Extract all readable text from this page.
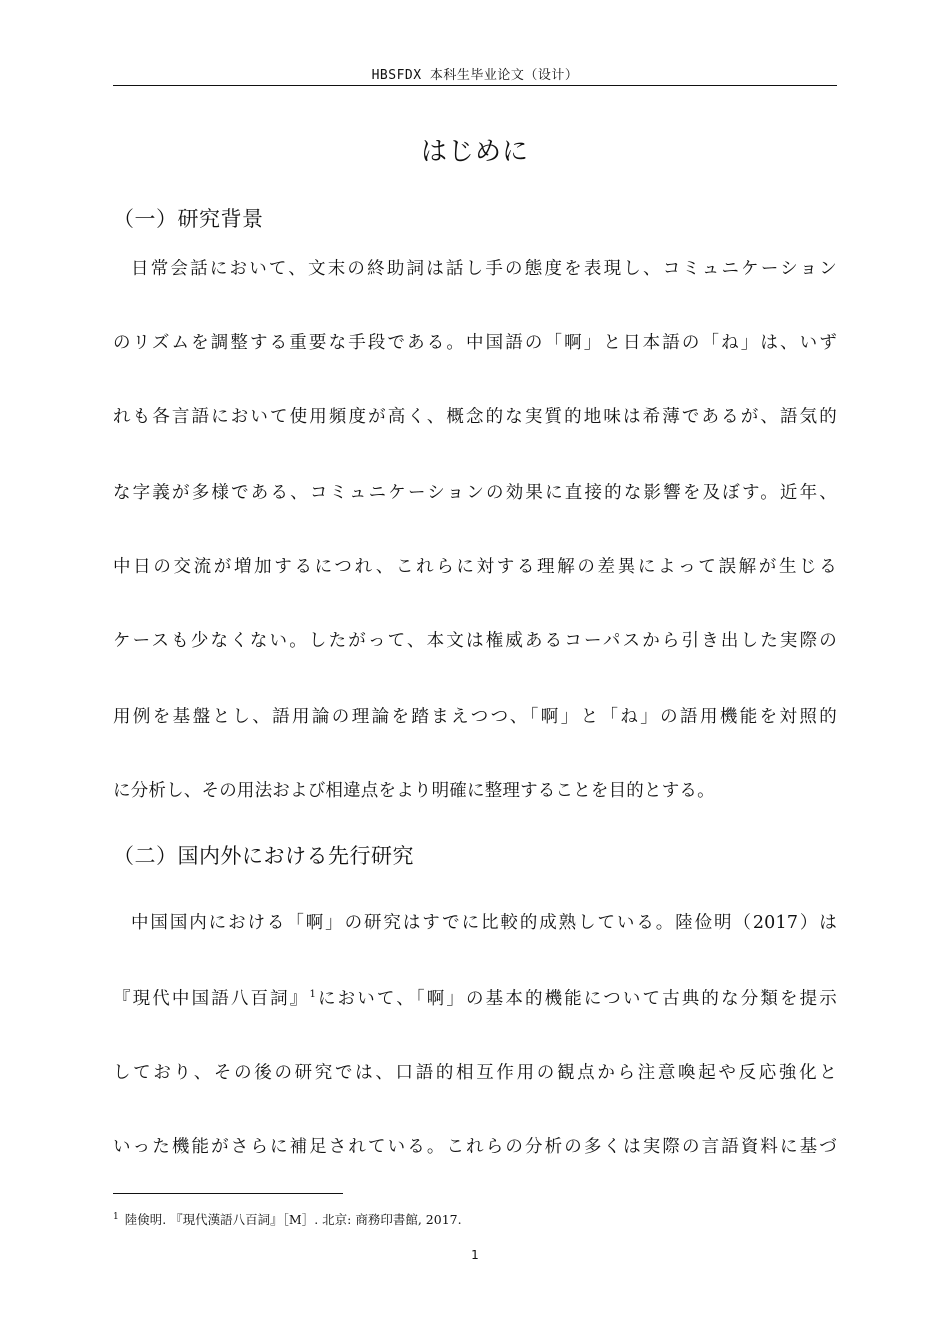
HBSFDX 本科生毕业论文（设计）
はじめに
（一）研究背景
日常会話において、文末の終助詞は話し手の態度を表現し、コミュニケーション
のリズムを調整する重要な手段である。中国語の「啊」と日本語の「ね」は、いず
れも各言語において使用頻度が高く、概念的な実質的地味は希薄であるが、語気的
な字義が多様である、コミュニケーションの効果に直接的な影響を及ぼす。近年、
中日の交流が増加するにつれ、これらに対する理解の差異によって誤解が生じる
ケースも少なくない。したがって、本文は権威あるコーパスから引き出した実際の
用例を基盤とし、語用論の理論を踏まえつつ、「啊」と「ね」の語用機能を対照的
に分析し、その用法および相違点をより明確に整理することを目的とする。
（二）国内外における先行研究
中国国内における「啊」の研究はすでに比較的成熟している。陸俭明（2017）は
『現代中国語八百詞』$^1$において、「啊」の基本的機能について古典的な分類を提示
しており、その後の研究では、口語的相互作用の観点から注意喚起や反応強化と
いった機能がさらに補足されている。これらの分析の多くは実際の言語資料に基づ
$^1$ 陸倹明. 『現代漢語八百詞』［M］. 北京: 商務印書館, 2017.
1
